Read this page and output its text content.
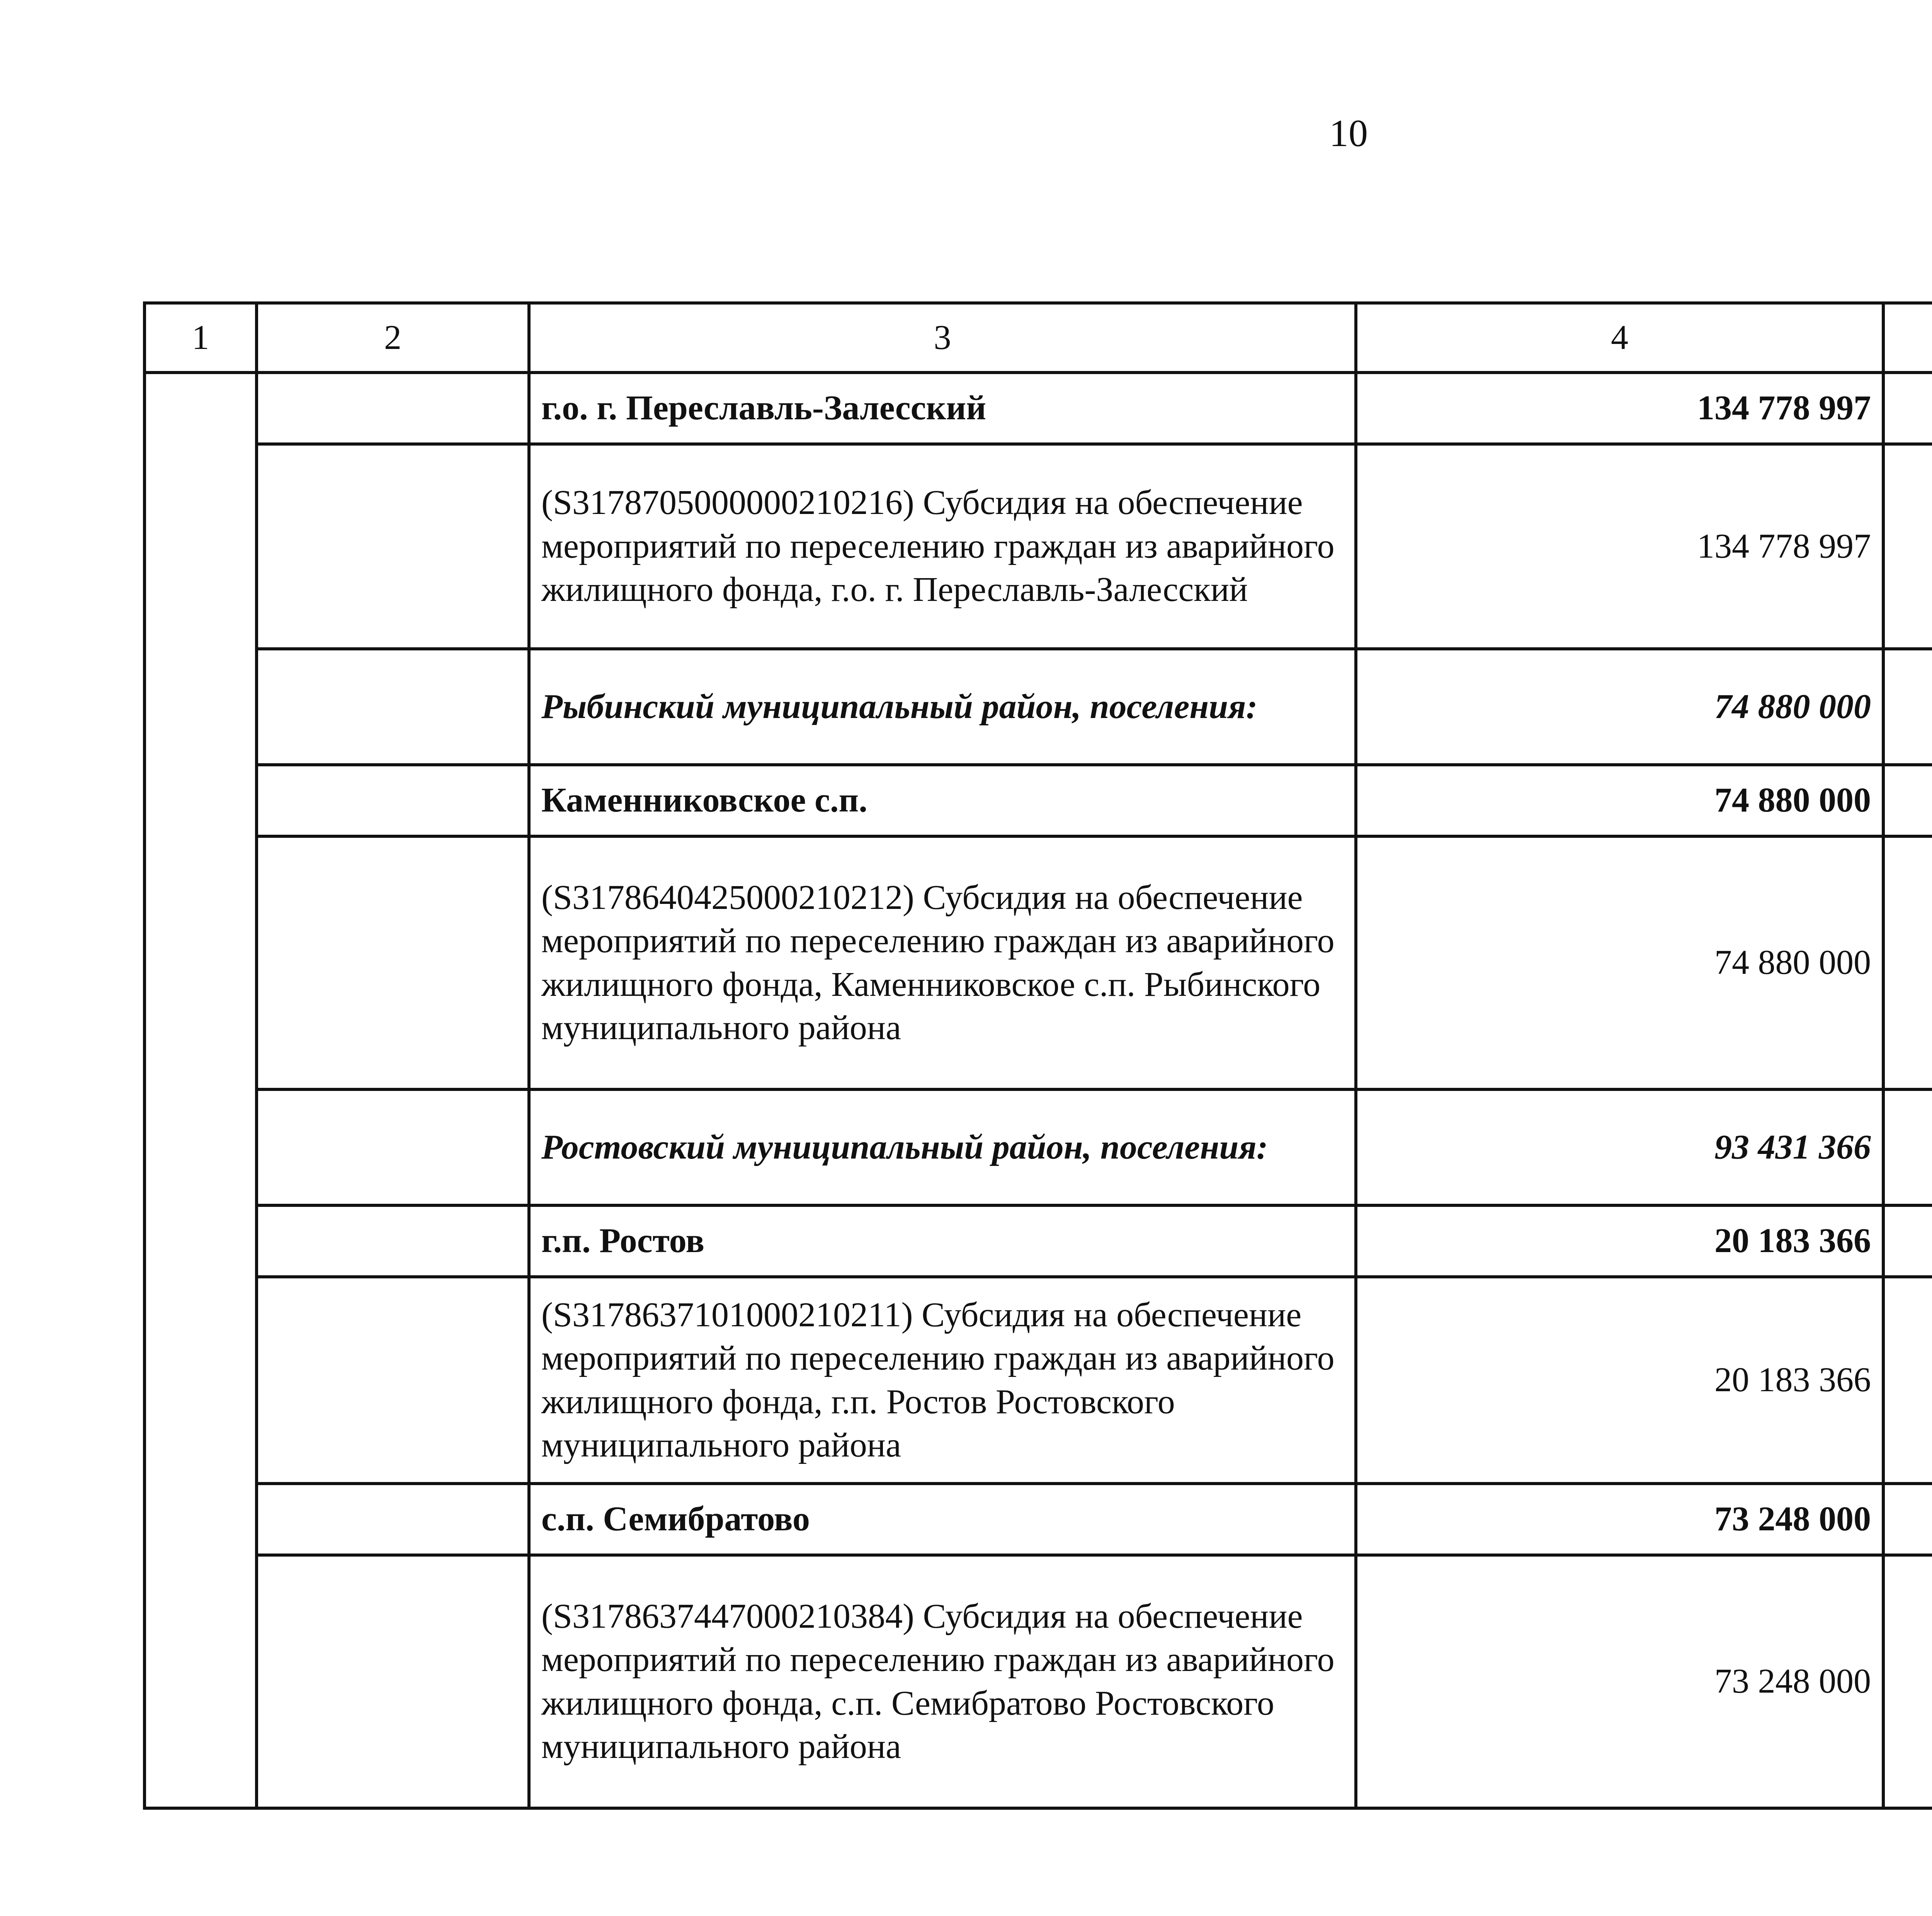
10
1	2	3	4			
		г.о. г. Переславль-Залесский	134 778 997			
		(S3178705000000210216) Субсидия на обеспечение мероприятий по переселению граждан из аварийного жилищного фонда, г.о. г. Переславль-Залесский	134 778 997			
		Рыбинский муниципальный район, поселения:	74 880 000			
		Каменниковское с.п.	74 880 000			
		(S3178640425000210212) Субсидия на обеспечение мероприятий по переселению граждан из аварийного жилищного фонда, Каменниковское с.п. Рыбинского муниципального района	74 880 000			
		Ростовский муниципальный район, поселения:	93 431 366			
		г.п. Ростов	20 183 366			
		(S3178637101000210211) Субсидия на обеспечение мероприятий по переселению граждан из аварийного жилищного фонда, г.п. Ростов Ростовского муниципального района	20 183 366			
		с.п. Семибратово	73 248 000			
		(S3178637447000210384) Субсидия на обеспечение мероприятий по переселению граждан из аварийного жилищного фонда, с.п. Семибратово Ростовского муниципального района	73 248 000			
